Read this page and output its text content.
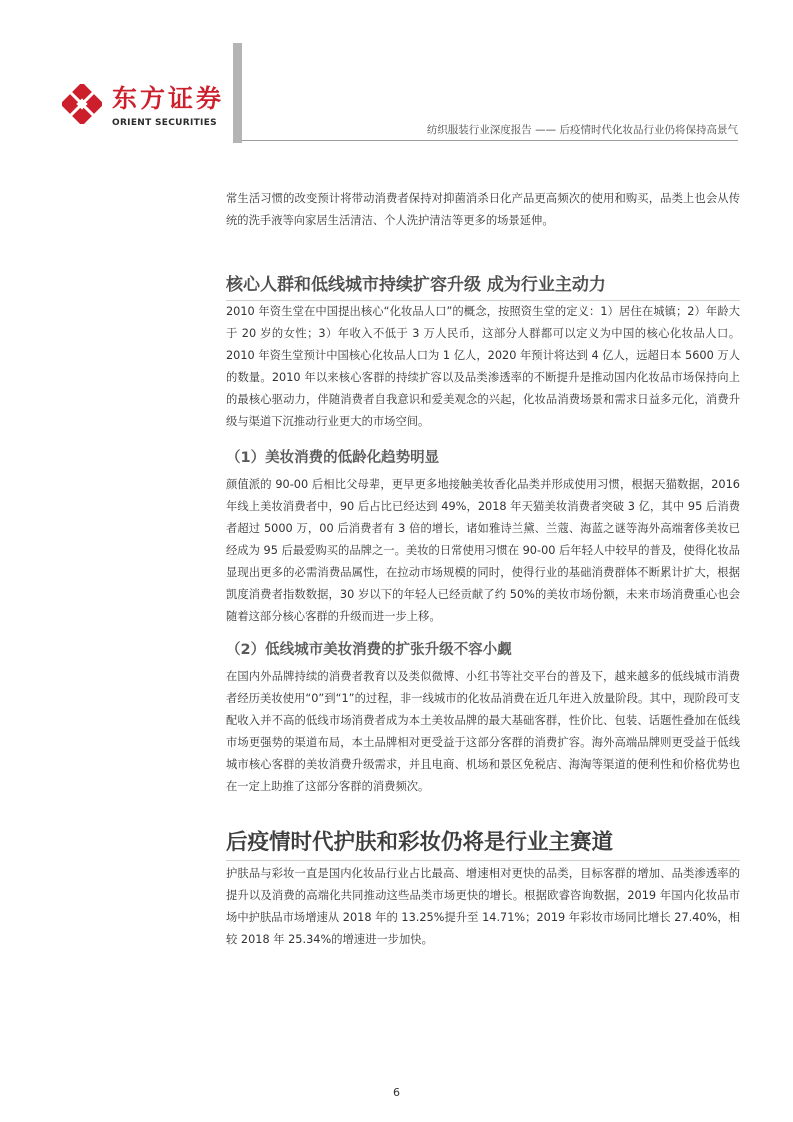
东方证券
ORIENT SECURITIES
纺织服装行业深度报告 —— 后疫情时代化妆品行业仍将保持高景气

常生活习惯的改变预计将带动消费者保持对抑菌消杀日化产品更高频次的使用和购买，品类上也会从传统的洗手液等向家居生活清洁、个人洗护清洁等更多的场景延伸。

核心人群和低线城市持续扩容升级 成为行业主动力

2010 年资生堂在中国提出核心“化妆品人口”的概念，按照资生堂的定义：1）居住在城镇；2）年龄大于 20 岁的女性；3）年收入不低于 3 万人民币，这部分人群都可以定义为中国的核心化妆品人口。2010 年资生堂预计中国核心化妆品人口为 1 亿人，2020 年预计将达到 4 亿人，远超日本 5600 万人的数量。2010 年以来核心客群的持续扩容以及品类渗透率的不断提升是推动国内化妆品市场保持向上的最核心驱动力，伴随消费者自我意识和爱美观念的兴起，化妆品消费场景和需求日益多元化，消费升级与渠道下沉推动行业更大的市场空间。

（1）美妆消费的低龄化趋势明显

颜值派的 90-00 后相比父母辈，更早更多地接触美妆香化品类并形成使用习惯，根据天猫数据，2016 年线上美妆消费者中，90 后占比已经达到 49%，2018 年天猫美妆消费者突破 3 亿，其中 95 后消费者超过 5000 万，00 后消费者有 3 倍的增长，诸如雅诗兰黛、兰蔻、海蓝之谜等海外高端奢侈美妆已经成为 95 后最爱购买的品牌之一。美妆的日常使用习惯在 90-00 后年轻人中较早的普及，使得化妆品显现出更多的必需消费品属性，在拉动市场规模的同时，使得行业的基础消费群体不断累计扩大，根据凯度消费者指数数据，30 岁以下的年轻人已经贡献了约 50%的美妆市场份额，未来市场消费重心也会随着这部分核心客群的升级而进一步上移。

（2）低线城市美妆消费的扩张升级不容小觑

在国内外品牌持续的消费者教育以及类似微博、小红书等社交平台的普及下，越来越多的低线城市消费者经历美妆使用“0”到“1”的过程，非一线城市的化妆品消费在近几年进入放量阶段。其中，现阶段可支配收入并不高的低线市场消费者成为本土美妆品牌的最大基础客群，性价比、包装、话题性叠加在低线市场更强势的渠道布局，本土品牌相对更受益于这部分客群的消费扩容。海外高端品牌则更受益于低线城市核心客群的美妆消费升级需求，并且电商、机场和景区免税店、海淘等渠道的便利性和价格优势也在一定上助推了这部分客群的消费频次。

后疫情时代护肤和彩妆仍将是行业主赛道

护肤品与彩妆一直是国内化妆品行业占比最高、增速相对更快的品类，目标客群的增加、品类渗透率的提升以及消费的高端化共同推动这些品类市场更快的增长。根据欧睿咨询数据，2019 年国内化妆品市场中护肤品市场增速从 2018 年的 13.25%提升至 14.71%；2019 年彩妆市场同比增长 27.40%，相较 2018 年 25.34%的增速进一步加快。

6
